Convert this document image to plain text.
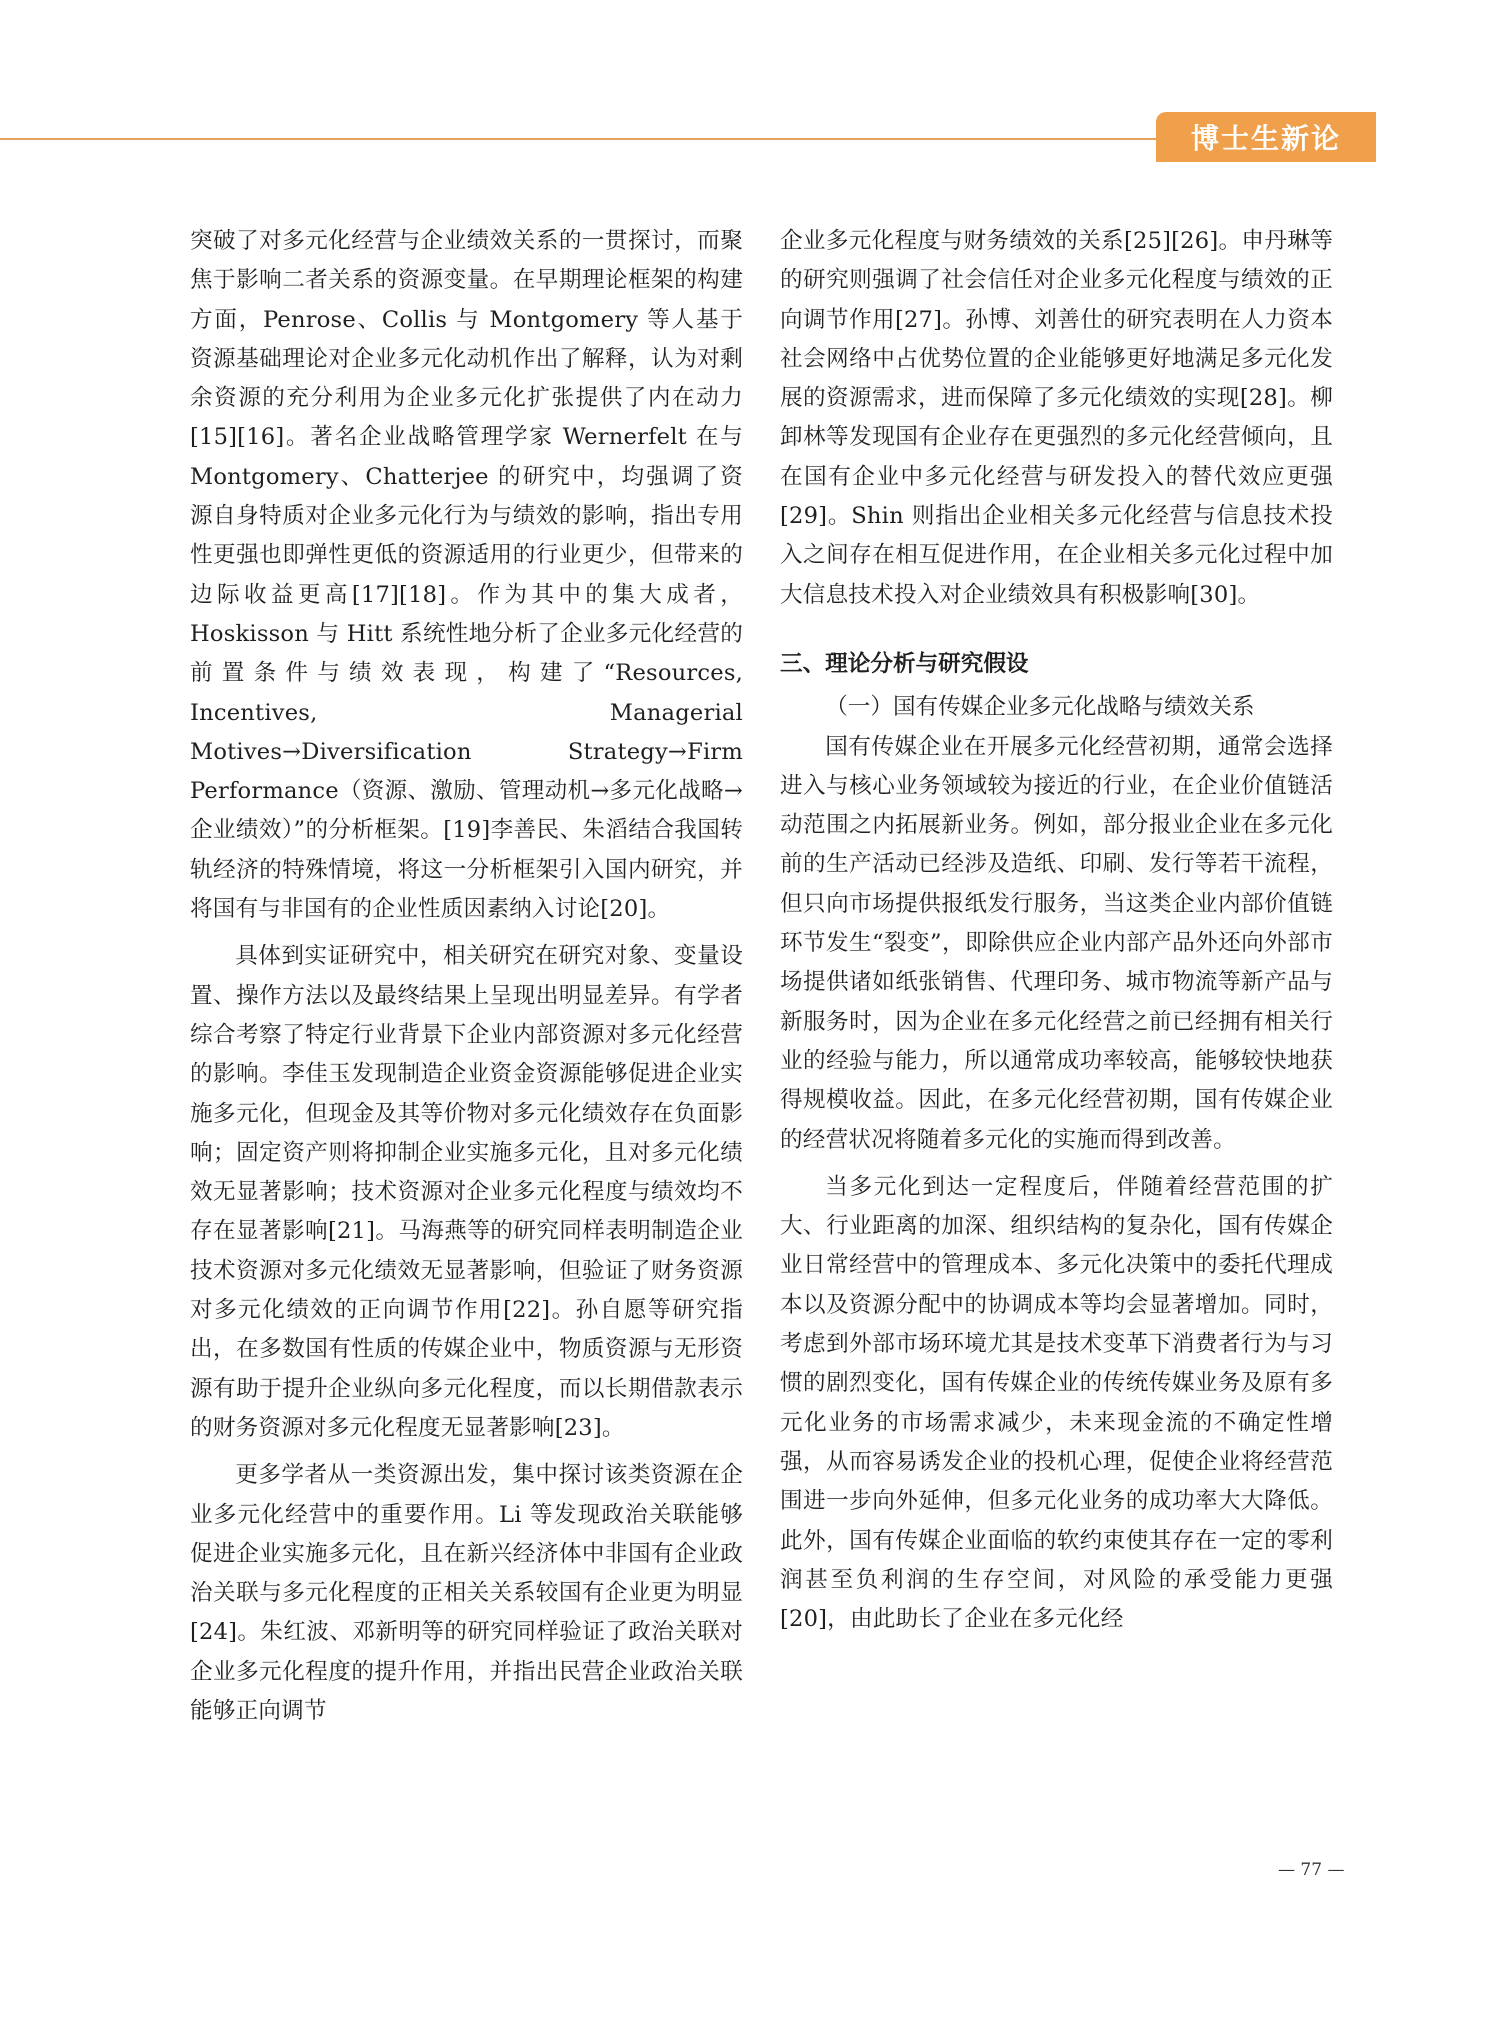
博士生新论

突破了对多元化经营与企业绩效关系的一贯探讨，而聚焦于影响二者关系的资源变量。在早期理论框架的构建方面，Penrose、Collis 与 Montgomery 等人基于资源基础理论对企业多元化动机作出了解释，认为对剩余资源的充分利用为企业多元化扩张提供了内在动力[15][16]。著名企业战略管理学家 Wernerfelt 在与 Montgomery、Chatterjee 的研究中，均强调了资源自身特质对企业多元化行为与绩效的影响，指出专用性更强也即弹性更低的资源适用的行业更少，但带来的边际收益更高[17][18]。作为其中的集大成者，Hoskisson 与 Hitt 系统性地分析了企业多元化经营的前置条件与绩效表现，构建了“Resources, Incentives, Managerial Motives→Diversification Strategy→Firm Performance（资源、激励、管理动机→多元化战略→企业绩效）”的分析框架。[19]李善民、朱滔结合我国转轨经济的特殊情境，将这一分析框架引入国内研究，并将国有与非国有的企业性质因素纳入讨论[20]。

具体到实证研究中，相关研究在研究对象、变量设置、操作方法以及最终结果上呈现出明显差异。有学者综合考察了特定行业背景下企业内部资源对多元化经营的影响。李佳玉发现制造企业资金资源能够促进企业实施多元化，但现金及其等价物对多元化绩效存在负面影响；固定资产则将抑制企业实施多元化，且对多元化绩效无显著影响；技术资源对企业多元化程度与绩效均不存在显著影响[21]。马海燕等的研究同样表明制造企业技术资源对多元化绩效无显著影响，但验证了财务资源对多元化绩效的正向调节作用[22]。孙自愿等研究指出，在多数国有性质的传媒企业中，物质资源与无形资源有助于提升企业纵向多元化程度，而以长期借款表示的财务资源对多元化程度无显著影响[23]。

更多学者从一类资源出发，集中探讨该类资源在企业多元化经营中的重要作用。Li 等发现政治关联能够促进企业实施多元化，且在新兴经济体中非国有企业政治关联与多元化程度的正相关关系较国有企业更为明显[24]。朱红波、邓新明等的研究同样验证了政治关联对企业多元化程度的提升作用，并指出民营企业政治关联能够正向调节

企业多元化程度与财务绩效的关系[25][26]。申丹琳等的研究则强调了社会信任对企业多元化程度与绩效的正向调节作用[27]。孙博、刘善仕的研究表明在人力资本社会网络中占优势位置的企业能够更好地满足多元化发展的资源需求，进而保障了多元化绩效的实现[28]。柳卸林等发现国有企业存在更强烈的多元化经营倾向，且在国有企业中多元化经营与研发投入的替代效应更强[29]。Shin 则指出企业相关多元化经营与信息技术投入之间存在相互促进作用，在企业相关多元化过程中加大信息技术投入对企业绩效具有积极影响[30]。

三、理论分析与研究假设

（一）国有传媒企业多元化战略与绩效关系

国有传媒企业在开展多元化经营初期，通常会选择进入与核心业务领域较为接近的行业，在企业价值链活动范围之内拓展新业务。例如，部分报业企业在多元化前的生产活动已经涉及造纸、印刷、发行等若干流程，但只向市场提供报纸发行服务，当这类企业内部价值链环节发生“裂变”，即除供应企业内部产品外还向外部市场提供诸如纸张销售、代理印务、城市物流等新产品与新服务时，因为企业在多元化经营之前已经拥有相关行业的经验与能力，所以通常成功率较高，能够较快地获得规模收益。因此，在多元化经营初期，国有传媒企业的经营状况将随着多元化的实施而得到改善。

当多元化到达一定程度后，伴随着经营范围的扩大、行业距离的加深、组织结构的复杂化，国有传媒企业日常经营中的管理成本、多元化决策中的委托代理成本以及资源分配中的协调成本等均会显著增加。同时，考虑到外部市场环境尤其是技术变革下消费者行为与习惯的剧烈变化，国有传媒企业的传统传媒业务及原有多元化业务的市场需求减少，未来现金流的不确定性增强，从而容易诱发企业的投机心理，促使企业将经营范围进一步向外延伸，但多元化业务的成功率大大降低。此外，国有传媒企业面临的软约束使其存在一定的零利润甚至负利润的生存空间，对风险的承受能力更强[20]，由此助长了企业在多元化经

— 77 —
